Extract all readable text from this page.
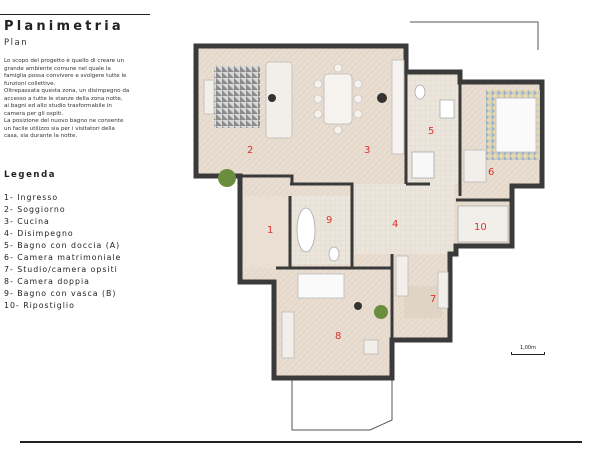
Planimetria
Plan
Lo scopo del progetto è quello di creare un
grande ambiente comune nel quale la
famiglia possa convivere e svolgere tutte le
funzioni collettive.
Oltrepassata questa zona, un disimpegno da
accesso a tutte le stanze della zona notte,
ai bagni ed allo studio trasformabile in
camera per gli ospiti.
La posizione del nuovo bagno ne consente
un facile utilizzo sia per i visitatori della
casa, sia durante la notte.
Legenda
1- Ingresso
2- Soggiorno
3- Cucina
4- Disimpegno
5- Bagno con doccia (A)
6- Camera matrimoniale
7- Studio/camera opsiti
8- Camera doppia
9- Bagno con vasca (B)
10- Ripostiglio
1
2	3
4
5
6
7
8
9
10
1,00m
